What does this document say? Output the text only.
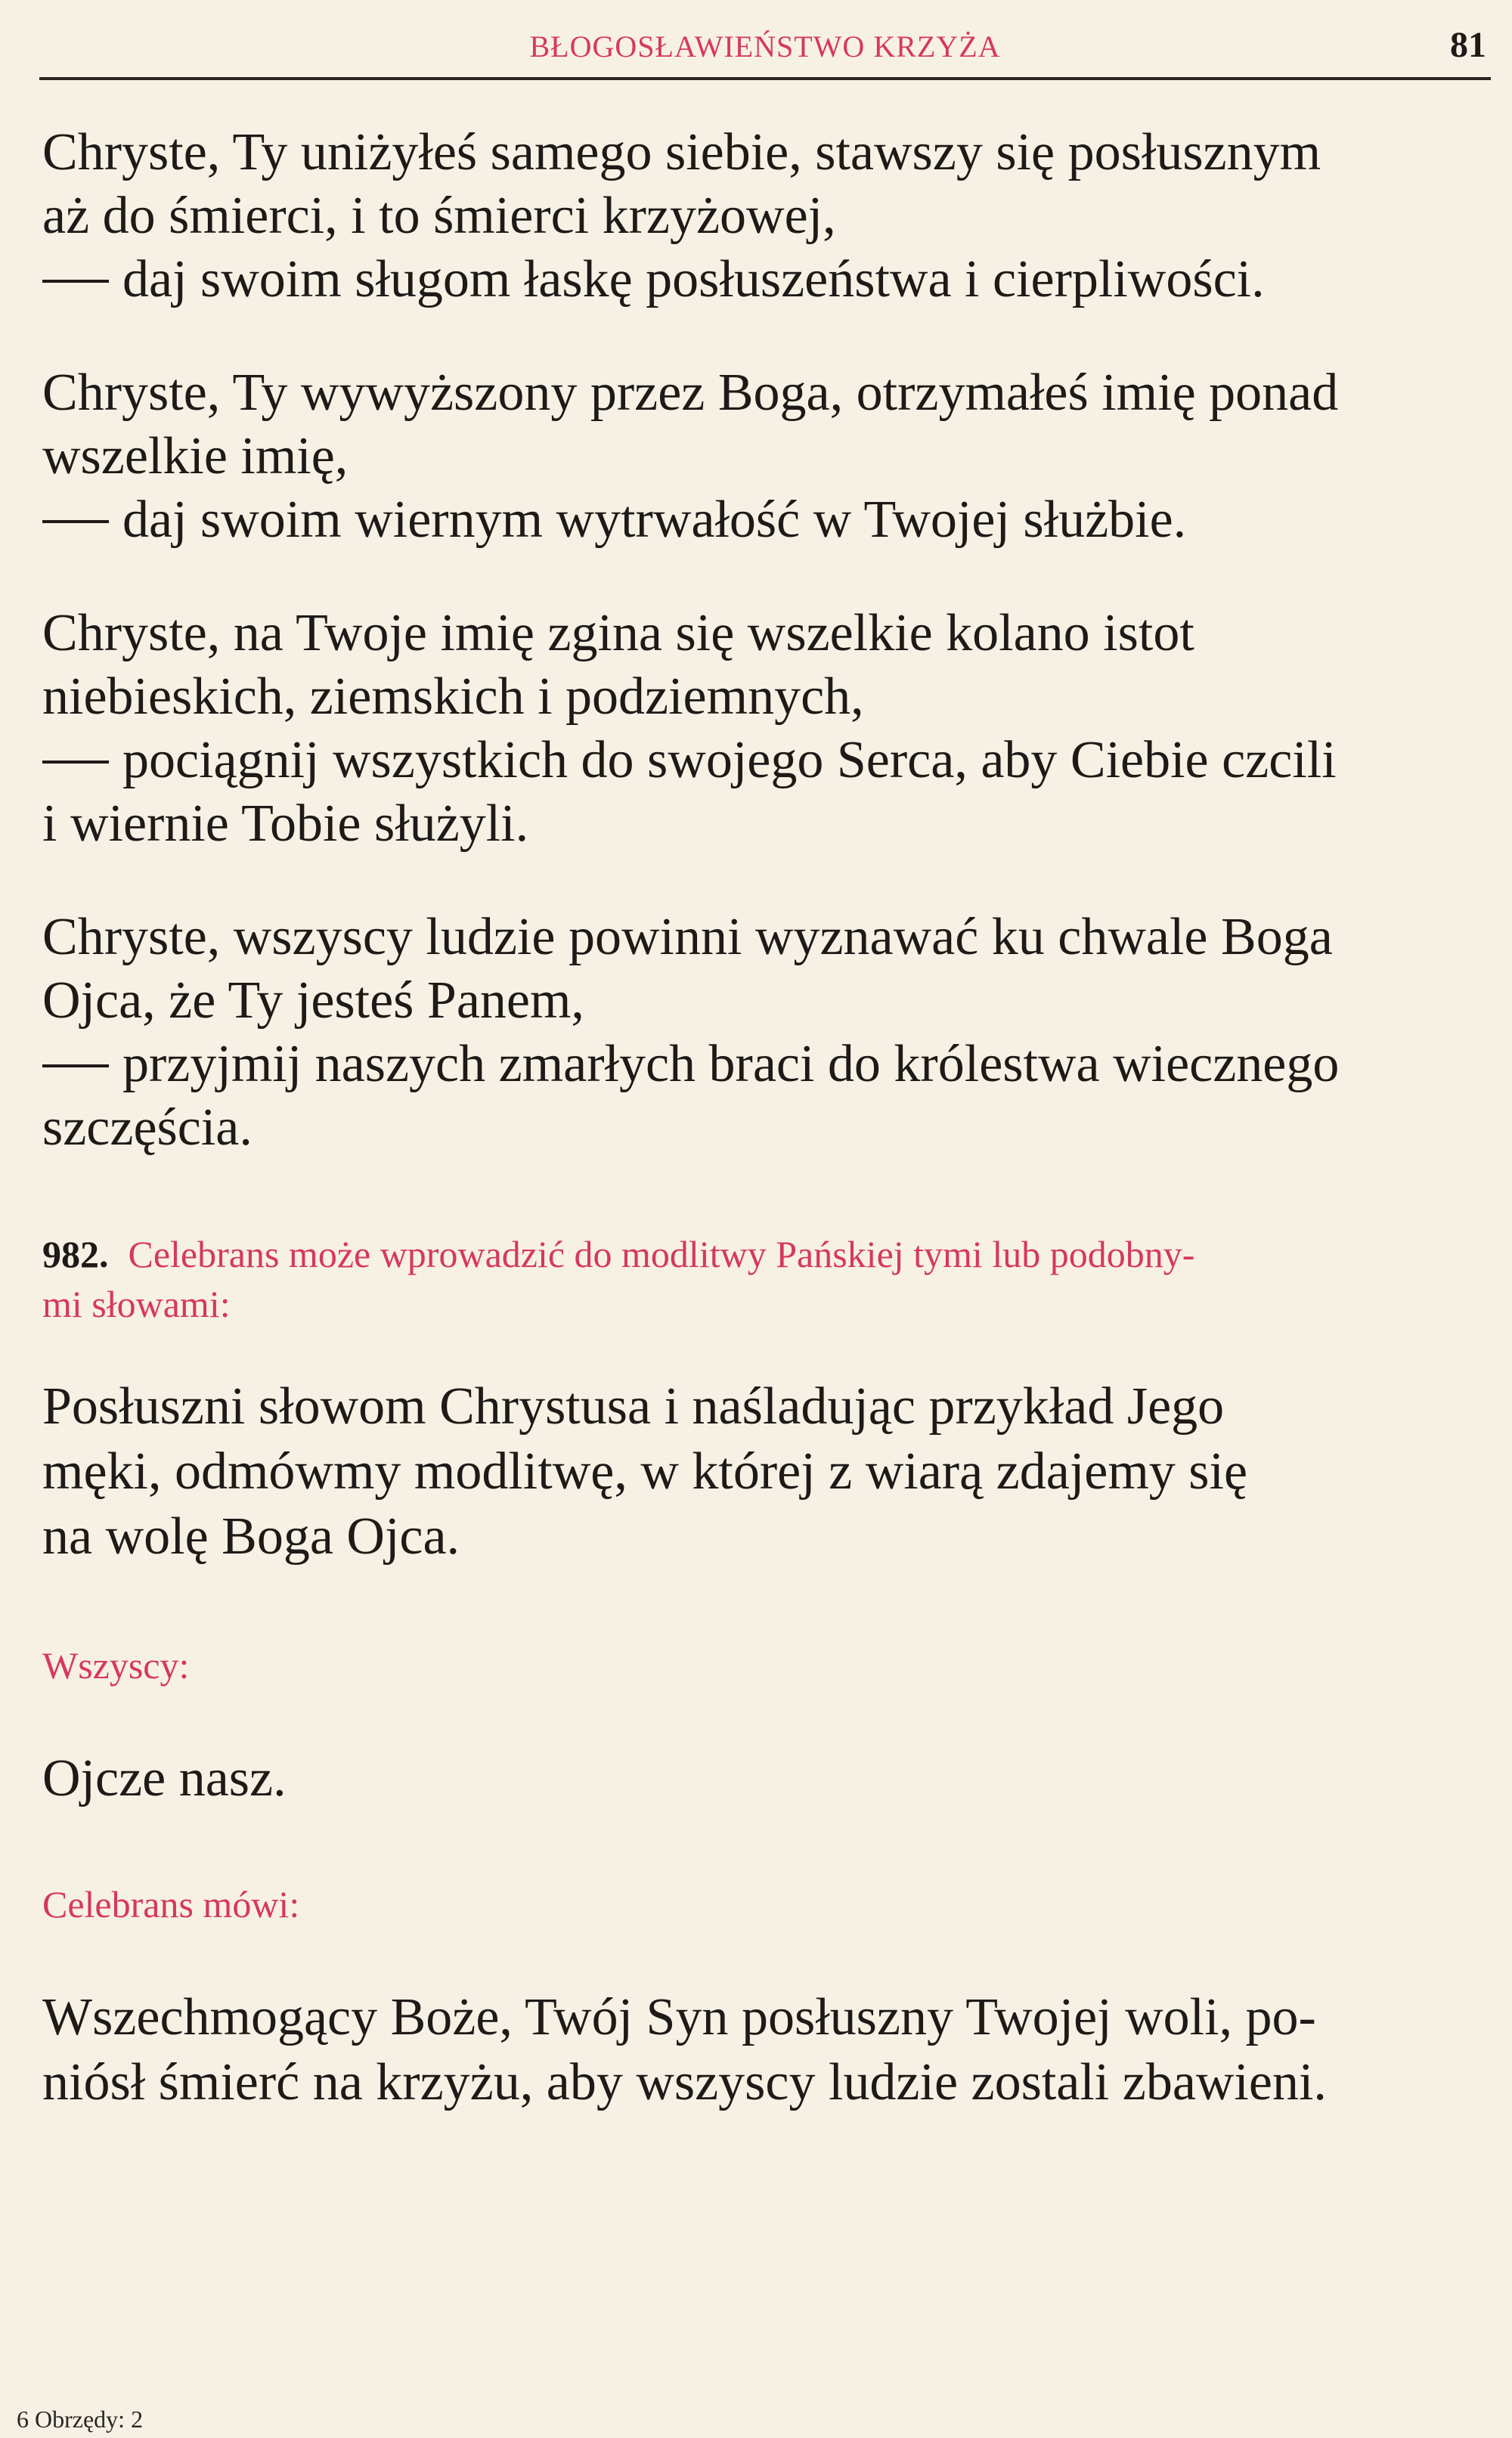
BŁOGOSŁAWIEŃSTWO KRZYŻA	81

Chryste, Ty uniżyłeś samego siebie, stawszy się posłusznym
aż do śmierci, i to śmierci krzyżowej,
daj swoim sługom łaskę posłuszeństwa i cierpliwości.

Chryste, Ty wywyższony przez Boga, otrzymałeś imię ponad
wszelkie imię,
daj swoim wiernym wytrwałość w Twojej służbie.

Chryste, na Twoje imię zgina się wszelkie kolano istot
niebieskich, ziemskich i podziemnych,
pociągnij wszystkich do swojego Serca, aby Ciebie czcili
i wiernie Tobie służyli.

Chryste, wszyscy ludzie powinni wyznawać ku chwale Boga
Ojca, że Ty jesteś Panem,
przyjmij naszych zmarłych braci do królestwa wiecznego
szczęścia.

982. Celebrans może wprowadzić do modlitwy Pańskiej tymi lub podobny-
mi słowami:

Posłuszni słowom Chrystusa i naśladując przykład Jego
męki, odmówmy modlitwę, w której z wiarą zdajemy się
na wolę Boga Ojca.

Wszyscy:

Ojcze nasz.

Celebrans mówi:

Wszechmogący Boże, Twój Syn posłuszny Twojej woli, po-
niósł śmierć na krzyżu, aby wszyscy ludzie zostali zbawieni.

6 Obrzędy: 2
